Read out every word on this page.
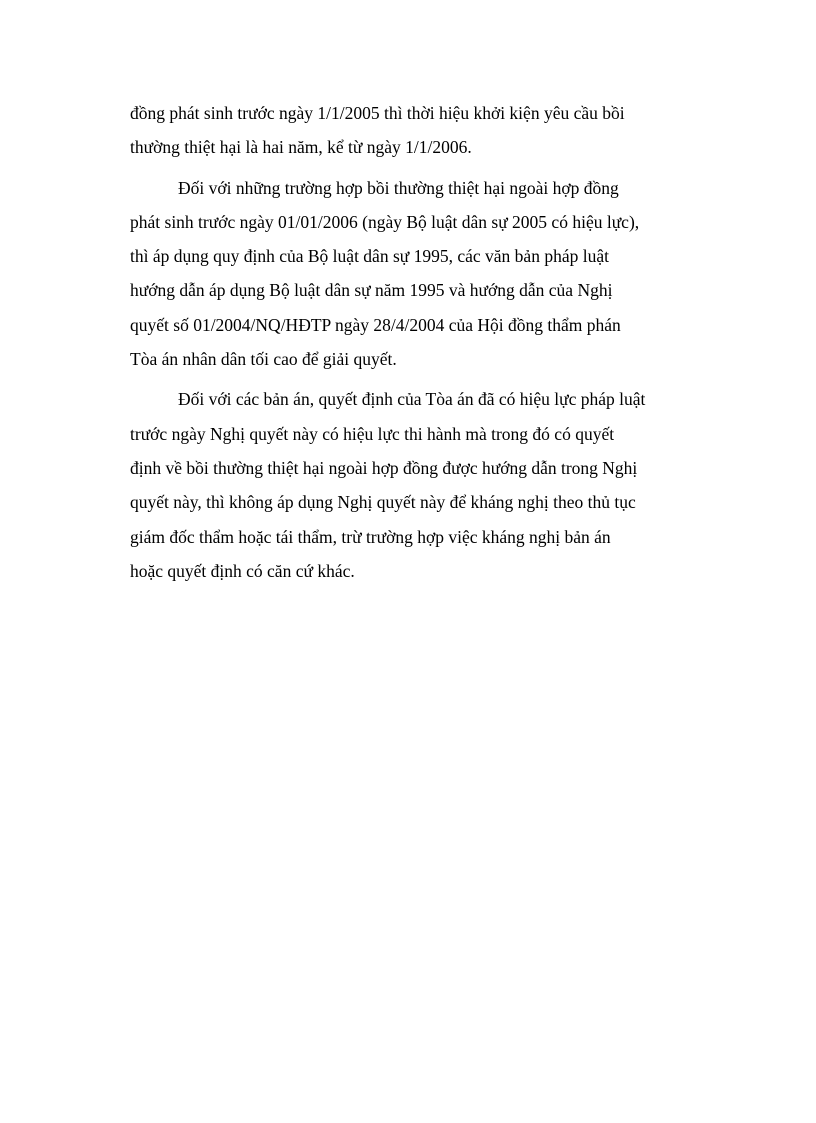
đồng phát sinh trước ngày 1/1/2005 thì thời hiệu khởi kiện yêu cầu bồi
thường thiệt hại là hai năm, kể từ ngày 1/1/2006.
Đối với những trường hợp bồi thường thiệt hại ngoài hợp đồng
phát sinh trước ngày 01/01/2006 (ngày Bộ luật dân sự 2005 có hiệu lực),
thì áp dụng quy định của Bộ luật dân sự 1995, các văn bản pháp luật
hướng dẫn áp dụng Bộ luật dân sự năm 1995 và hướng dẫn của Nghị
quyết số 01/2004/NQ/HĐTP ngày 28/4/2004 của Hội đồng thẩm phán
Tòa án nhân dân tối cao để giải quyết.
Đối với các bản án, quyết định của Tòa án đã có hiệu lực pháp luật
trước ngày Nghị quyết này có hiệu lực thi hành mà trong đó có quyết
định về bồi thường thiệt hại ngoài hợp đồng được hướng dẫn trong Nghị
quyết này, thì không áp dụng Nghị quyết này để kháng nghị theo thủ tục
giám đốc thẩm hoặc tái thẩm, trừ trường hợp việc kháng nghị bản án
hoặc quyết định có căn cứ khác.
